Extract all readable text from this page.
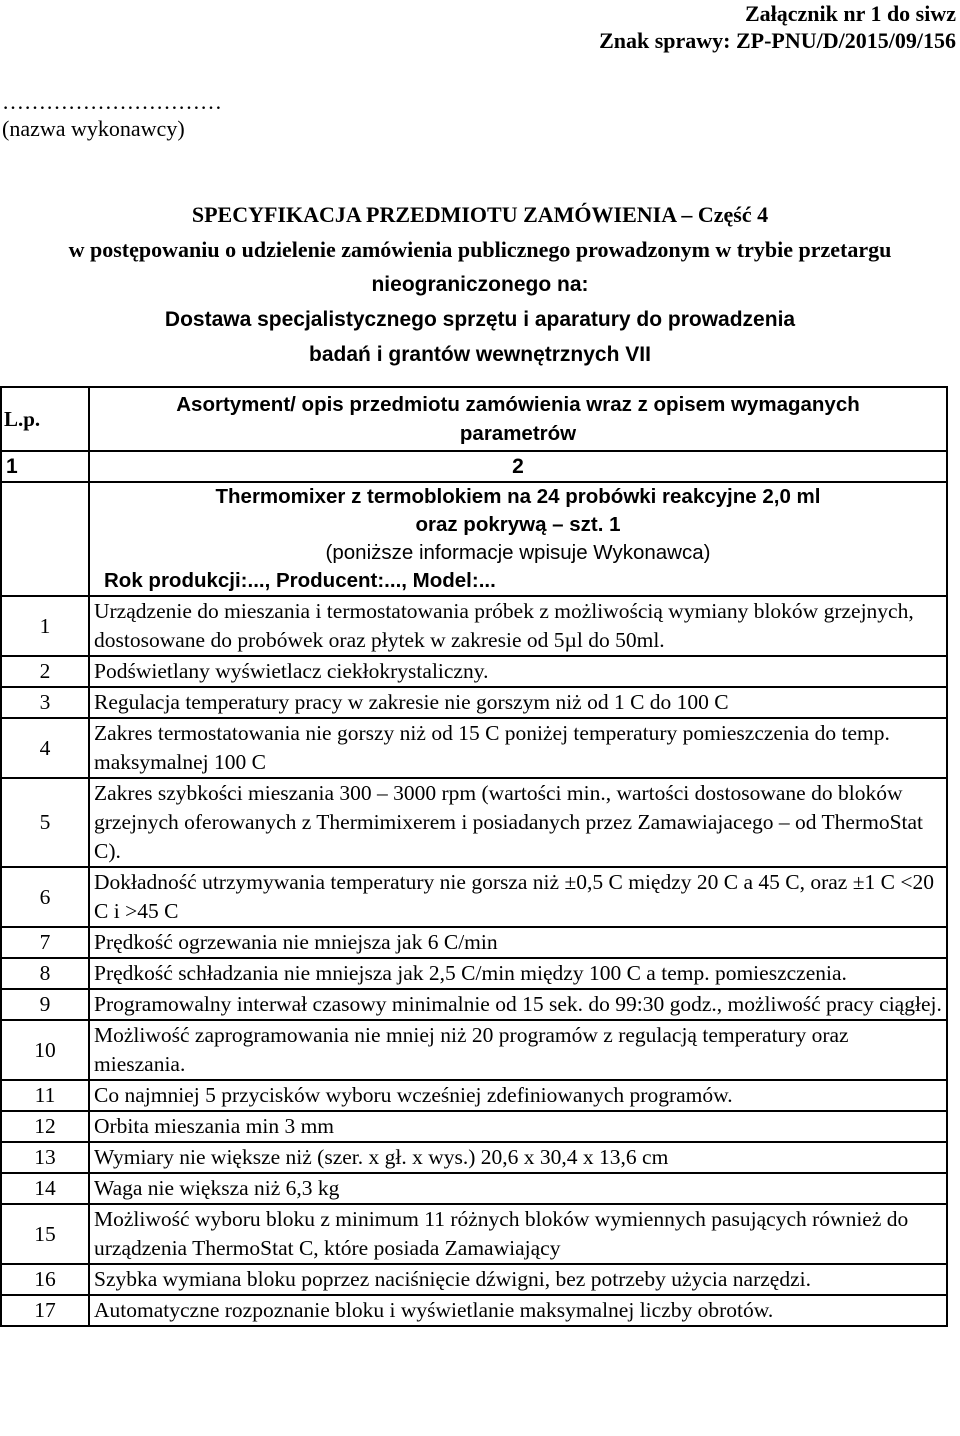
Załącznik nr 1 do siwz
Znak sprawy: ZP-PNU/D/2015/09/156
…………………………
(nazwa wykonawcy)
SPECYFIKACJA PRZEDMIOTU ZAMÓWIENIA – Część 4
w postępowaniu o udzielenie zamówienia publicznego prowadzonym w trybie przetargu
nieograniczonego na:
Dostawa specjalistycznego sprzętu i aparatury do prowadzenia
badań i grantów wewnętrznych VII
L.p.	Asortyment/ opis przedmiotu zamówienia wraz z opisem wymaganych
parametrów

1	2

	Thermomixer z termoblokiem na 24 probówki reakcyjne 2,0 ml
oraz pokrywą – szt. 1
(poniższe informacje wpisuje Wykonawca)
Rok produkcji:..., Producent:..., Model:...

1	Urządzenie do mieszania i termostatowania próbek z możliwością wymiany bloków grzejnych, dostosowane do probówek oraz płytek w zakresie od 5µl do 50ml.
2	Podświetlany wyświetlacz ciekłokrystaliczny.
3	Regulacja temperatury pracy w zakresie nie gorszym niż od 1 C do 100 C
4	Zakres termostatowania nie gorszy niż od 15 C poniżej temperatury pomieszczenia do temp. maksymalnej 100 C
5	Zakres szybkości mieszania 300 – 3000 rpm (wartości min., wartości dostosowane do bloków grzejnych oferowanych z Thermimixerem i posiadanych przez Zamawiajacego – od ThermoStat C).
6	Dokładność utrzymywania temperatury nie gorsza niż ±0,5 C między 20 C a 45 C, oraz ±1 C <20 C i >45 C
7	Prędkość ogrzewania nie mniejsza jak 6 C/min
8	Prędkość schładzania nie mniejsza jak 2,5 C/min między 100 C a temp. pomieszczenia.
9	Programowalny interwał czasowy minimalnie od 15 sek. do 99:30 godz., możliwość pracy ciągłej.
10	Możliwość zaprogramowania nie mniej niż 20 programów z regulacją temperatury oraz mieszania.
11	Co najmniej 5 przycisków wyboru wcześniej zdefiniowanych programów.
12	Orbita mieszania min 3 mm
13	Wymiary nie większe niż (szer. x gł. x wys.) 20,6 x 30,4 x 13,6 cm
14	Waga nie większa niż 6,3 kg
15	Możliwość wyboru bloku z minimum 11 różnych bloków wymiennych pasujących również do urządzenia ThermoStat C, które posiada Zamawiający
16	Szybka wymiana bloku poprzez naciśnięcie dźwigni, bez potrzeby użycia narzędzi.
17	Automatyczne rozpoznanie bloku i wyświetlanie maksymalnej liczby obrotów.
